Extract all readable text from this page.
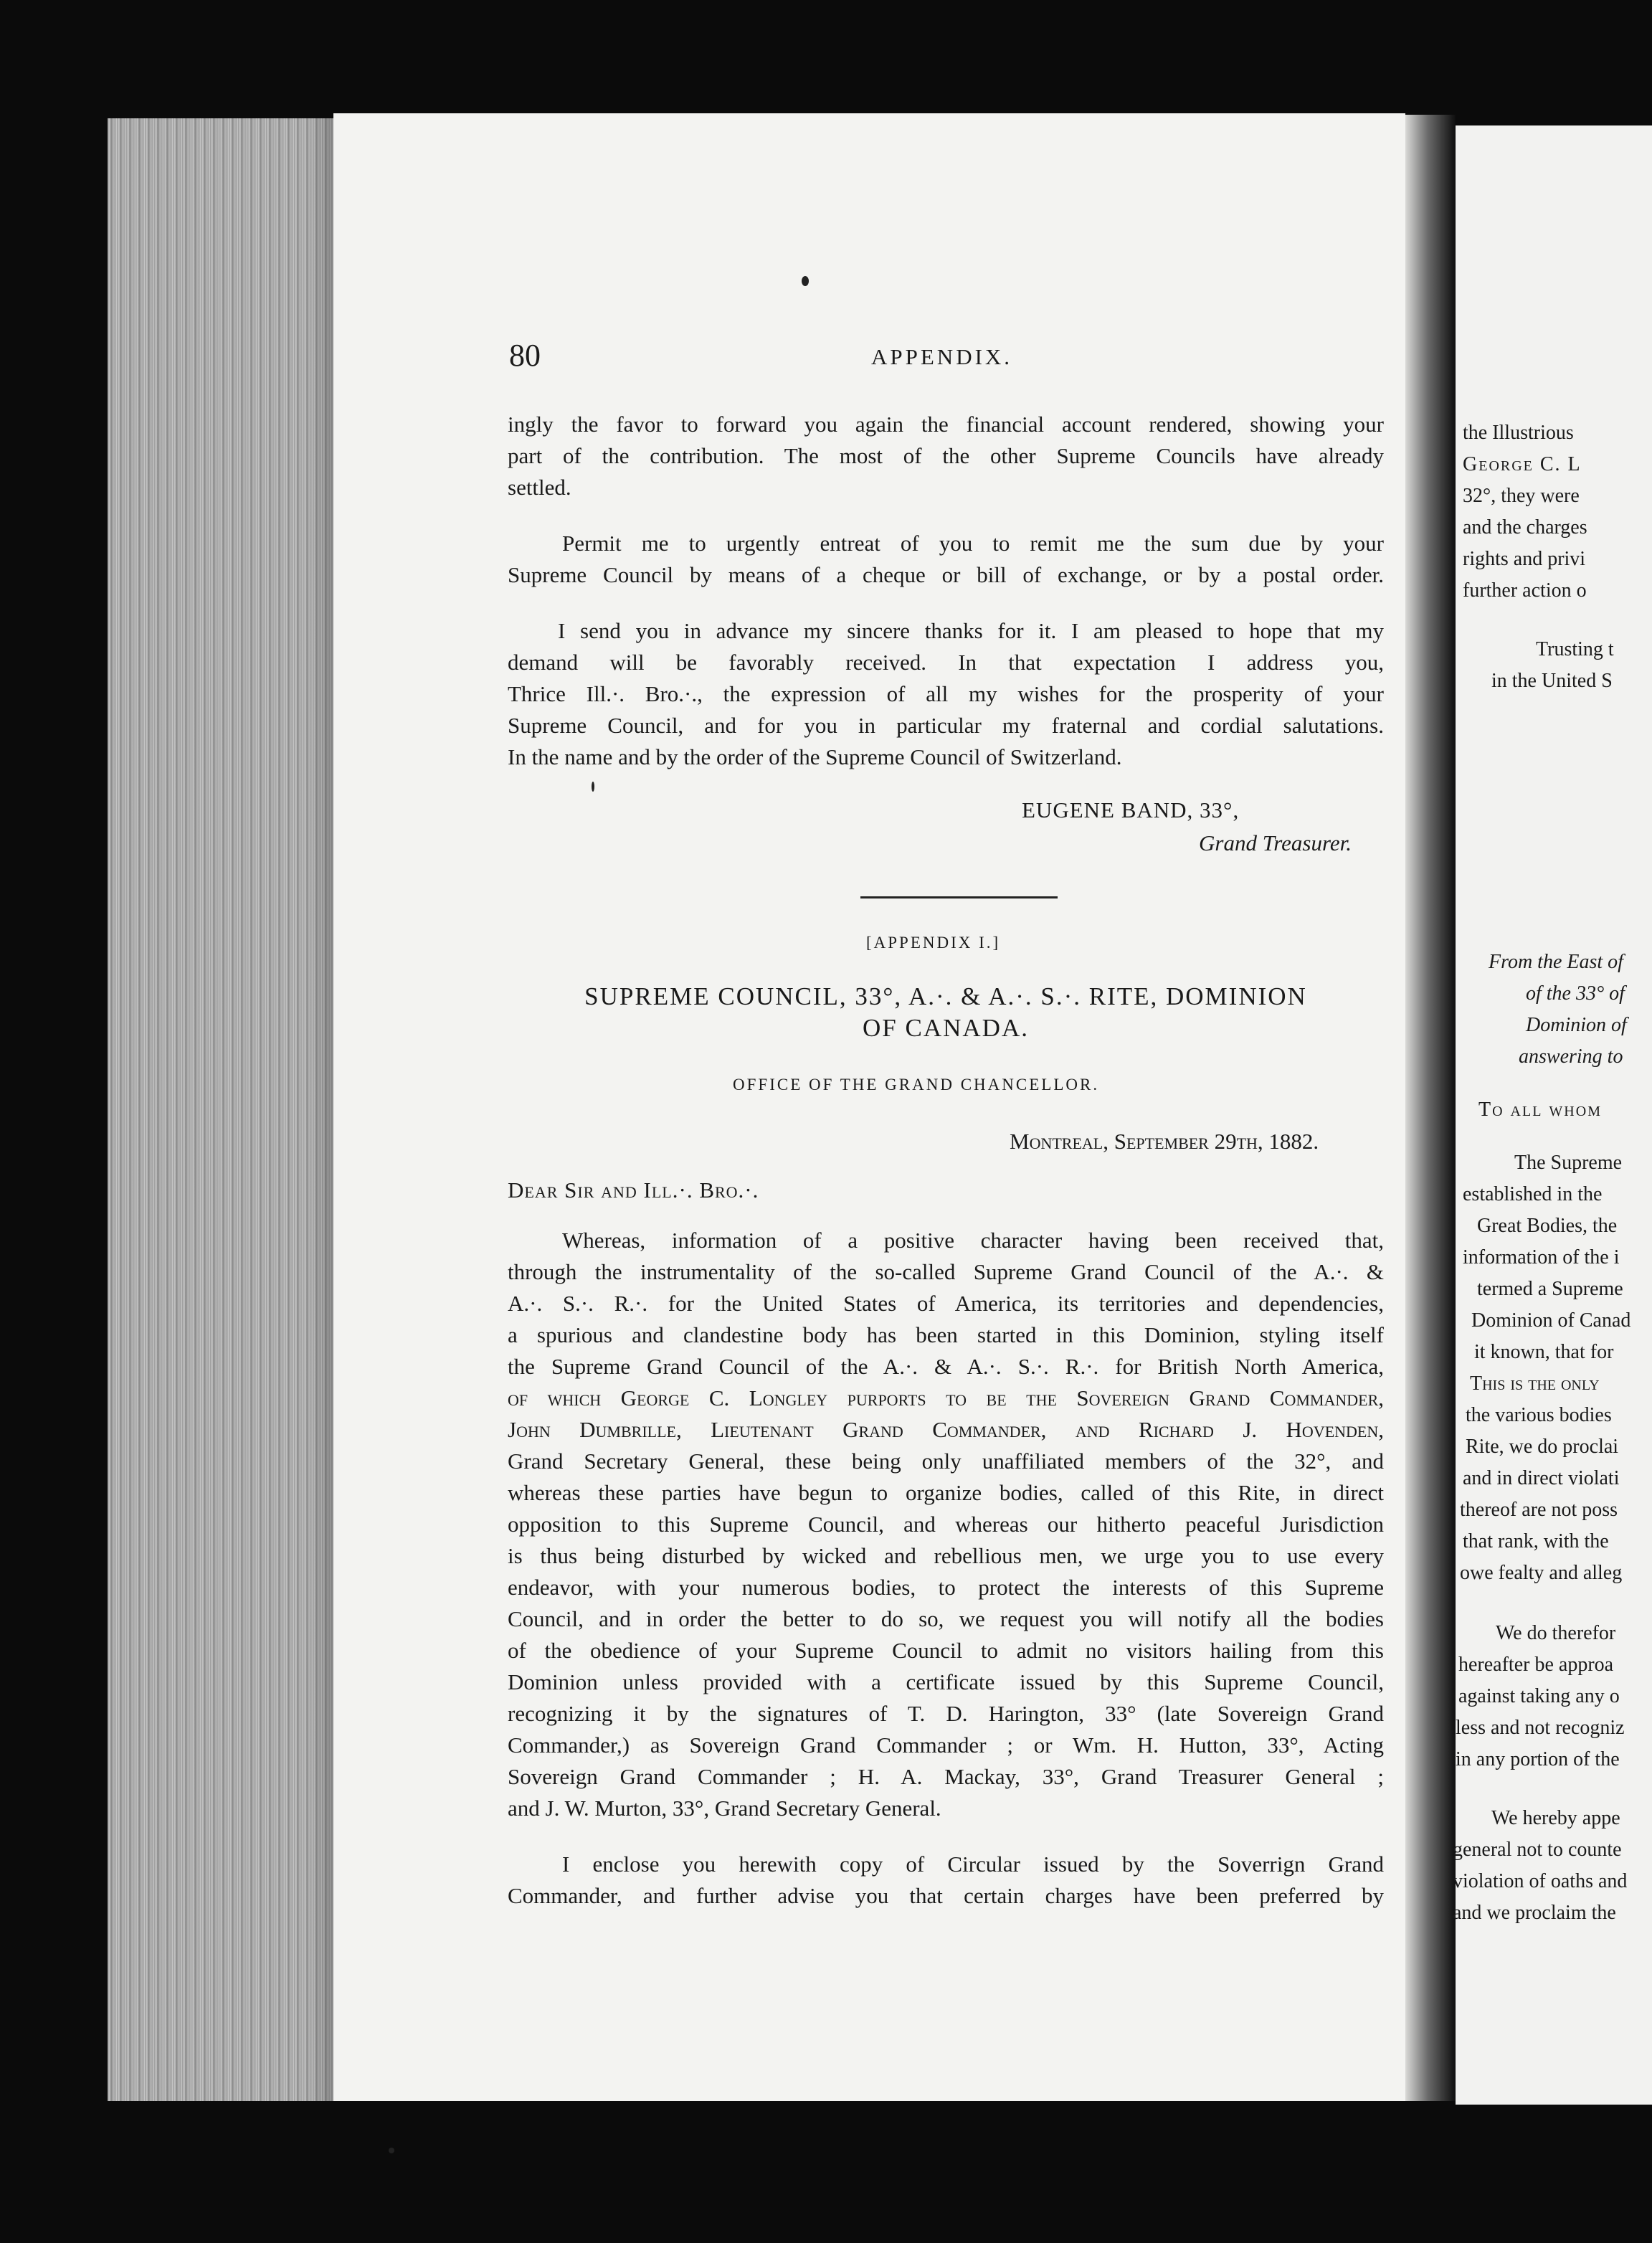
80	APPENDIX.
ingly the favor to forward you again the financial account rendered, showing your
part of the contribution. The most of the other Supreme Councils have already
settled.
Permit me to urgently entreat of you to remit me the sum due by your
Supreme Council by means of a cheque or bill of exchange, or by a postal order.
I send you in advance my sincere thanks for it. I am pleased to hope that my
demand will be favorably received. In that expectation I address you,
Thrice Ill.·. Bro.·., the expression of all my wishes for the prosperity of your
Supreme Council, and for you in particular my fraternal and cordial salutations.
In the name and by the order of the Supreme Council of Switzerland.
EUGENE BAND, 33°,
Grand Treasurer.
[APPENDIX I.]
SUPREME COUNCIL, 33°, A.·. & A.·. S.·. RITE, DOMINION
OF CANADA.
OFFICE OF THE GRAND CHANCELLOR.
Montreal, September 29th, 1882.
Dear Sir and Ill.·. Bro.·.
Whereas, information of a positive character having been received that,
through the instrumentality of the so-called Supreme Grand Council of the A.·. &
A.·. S.·. R.·. for the United States of America, its territories and dependencies,
a spurious and clandestine body has been started in this Dominion, styling itself
the Supreme Grand Council of the A.·. & A.·. S.·. R.·. for British North America,
of which George C. Longley purports to be the Sovereign Grand Commander,
John Dumbrille, Lieutenant Grand Commander, and Richard J. Hovenden,
Grand Secretary General, these being only unaffiliated members of the 32°, and
whereas these parties have begun to organize bodies, called of this Rite, in direct
opposition to this Supreme Council, and whereas our hitherto peaceful Jurisdiction
is thus being disturbed by wicked and rebellious men, we urge you to use every
endeavor, with your numerous bodies, to protect the interests of this Supreme
Council, and in order the better to do so, we request you will notify all the bodies
of the obedience of your Supreme Council to admit no visitors hailing from this
Dominion unless provided with a certificate issued by this Supreme Council,
recognizing it by the signatures of T. D. Harington, 33° (late Sovereign Grand
Commander,) as Sovereign Grand Commander ; or Wm. H. Hutton, 33°, Acting
Sovereign Grand Commander ; H. A. Mackay, 33°, Grand Treasurer General ;
and J. W. Murton, 33°, Grand Secretary General.
I enclose you herewith copy of Circular issued by the Soverrign Grand
Commander, and further advise you that certain charges have been preferred by
the Illustrious
George C. L
32°, they were
and the charges
rights and privi
further action o
Trusting t
in the United S
From the East of
of the 33° of
Dominion of
answering to
To all whom
The Supreme
established in the
Great Bodies, the
information of the i
termed a Supreme
Dominion of Canad
it known, that for
This is the only
the various bodies
Rite, we do proclai
and in direct violati
thereof are not poss
that rank, with the
owe fealty and alleg
We do therefor
hereafter be approa
against taking any o
less and not recogniz
in any portion of the
We hereby appe
general not to counte
violation of oaths and
and we proclaim the
